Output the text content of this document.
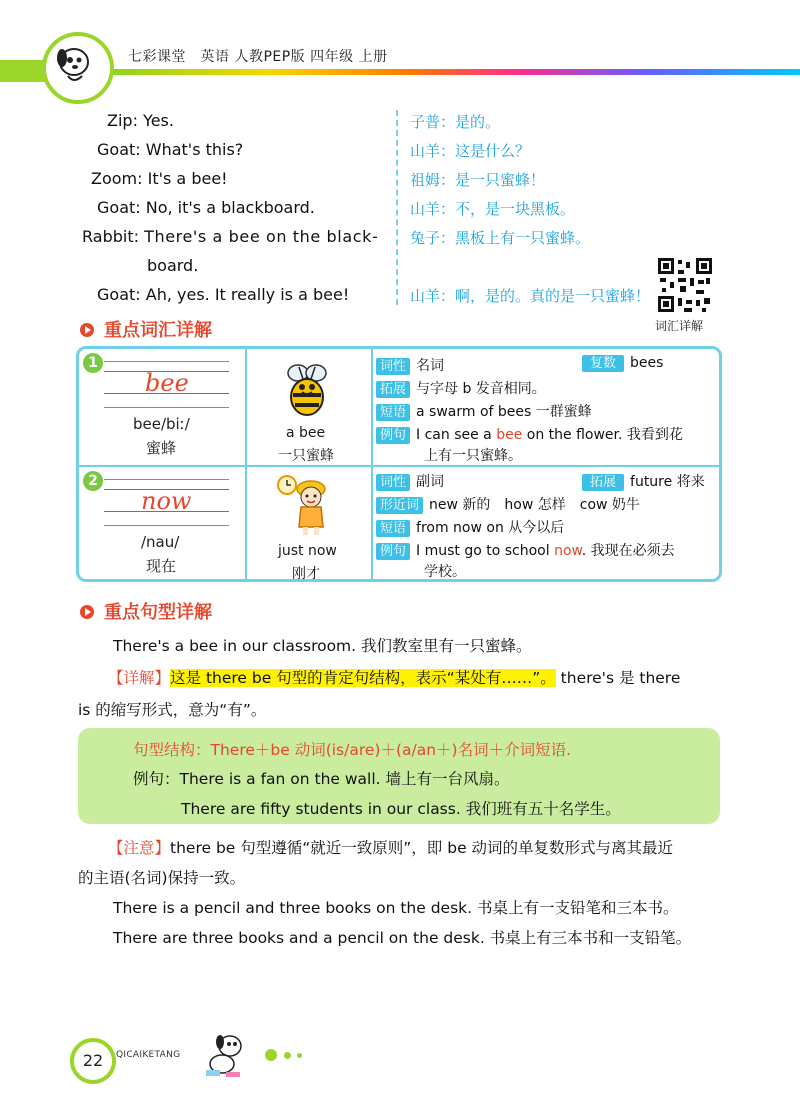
七彩课堂　英语 人教PEP版 四年级 上册
Zip: Yes.	子普：是的。
Goat: What's this?	山羊：这是什么？
Zoom: It's a bee!	祖姆：是一只蜜蜂！
Goat: No, it's a blackboard.	山羊：不，是一块黑板。
Rabbit: There's a bee on the black-
board.
兔子：黑板上有一只蜜蜂。
Goat: Ah, yes. It really is a bee!	山羊：啊，是的。真的是一只蜜蜂！
词汇详解
重点词汇详解
1
bee
bee/biː/
蜜蜂
a bee
一只蜜蜂
词性 名词	复数 bees
拓展 与字母 b 发音相同。
短语 a swarm of bees 一群蜜蜂
例句 I can see a bee on the flower. 我看到花
上有一只蜜蜂。
2
now
/nau/
现在
just now
刚才
词性 副词	拓展 future 将来
形近词 new 新的　how 怎样　cow 奶牛
短语 from now on 从今以后
例句 I must go to school now. 我现在必须去
学校。
重点句型详解
There's a bee in our classroom. 我们教室里有一只蜜蜂。
【详解】这是 there be 句型的肯定句结构，表示“某处有……”。 there's 是 there
is 的缩写形式，意为“有”。
句型结构：There＋be 动词(is/are)＋(a/an＋)名词＋介词短语.
例句：There is a fan on the wall. 墙上有一台风扇。
There are fifty students in our class. 我们班有五十名学生。
【注意】there be 句型遵循“就近一致原则”，即 be 动词的单复数形式与离其最近
的主语(名词)保持一致。
There is a pencil and three books on the desk. 书桌上有一支铅笔和三本书。
There are three books and a pencil on the desk. 书桌上有三本书和一支铅笔。
22	QICAIKETANG
